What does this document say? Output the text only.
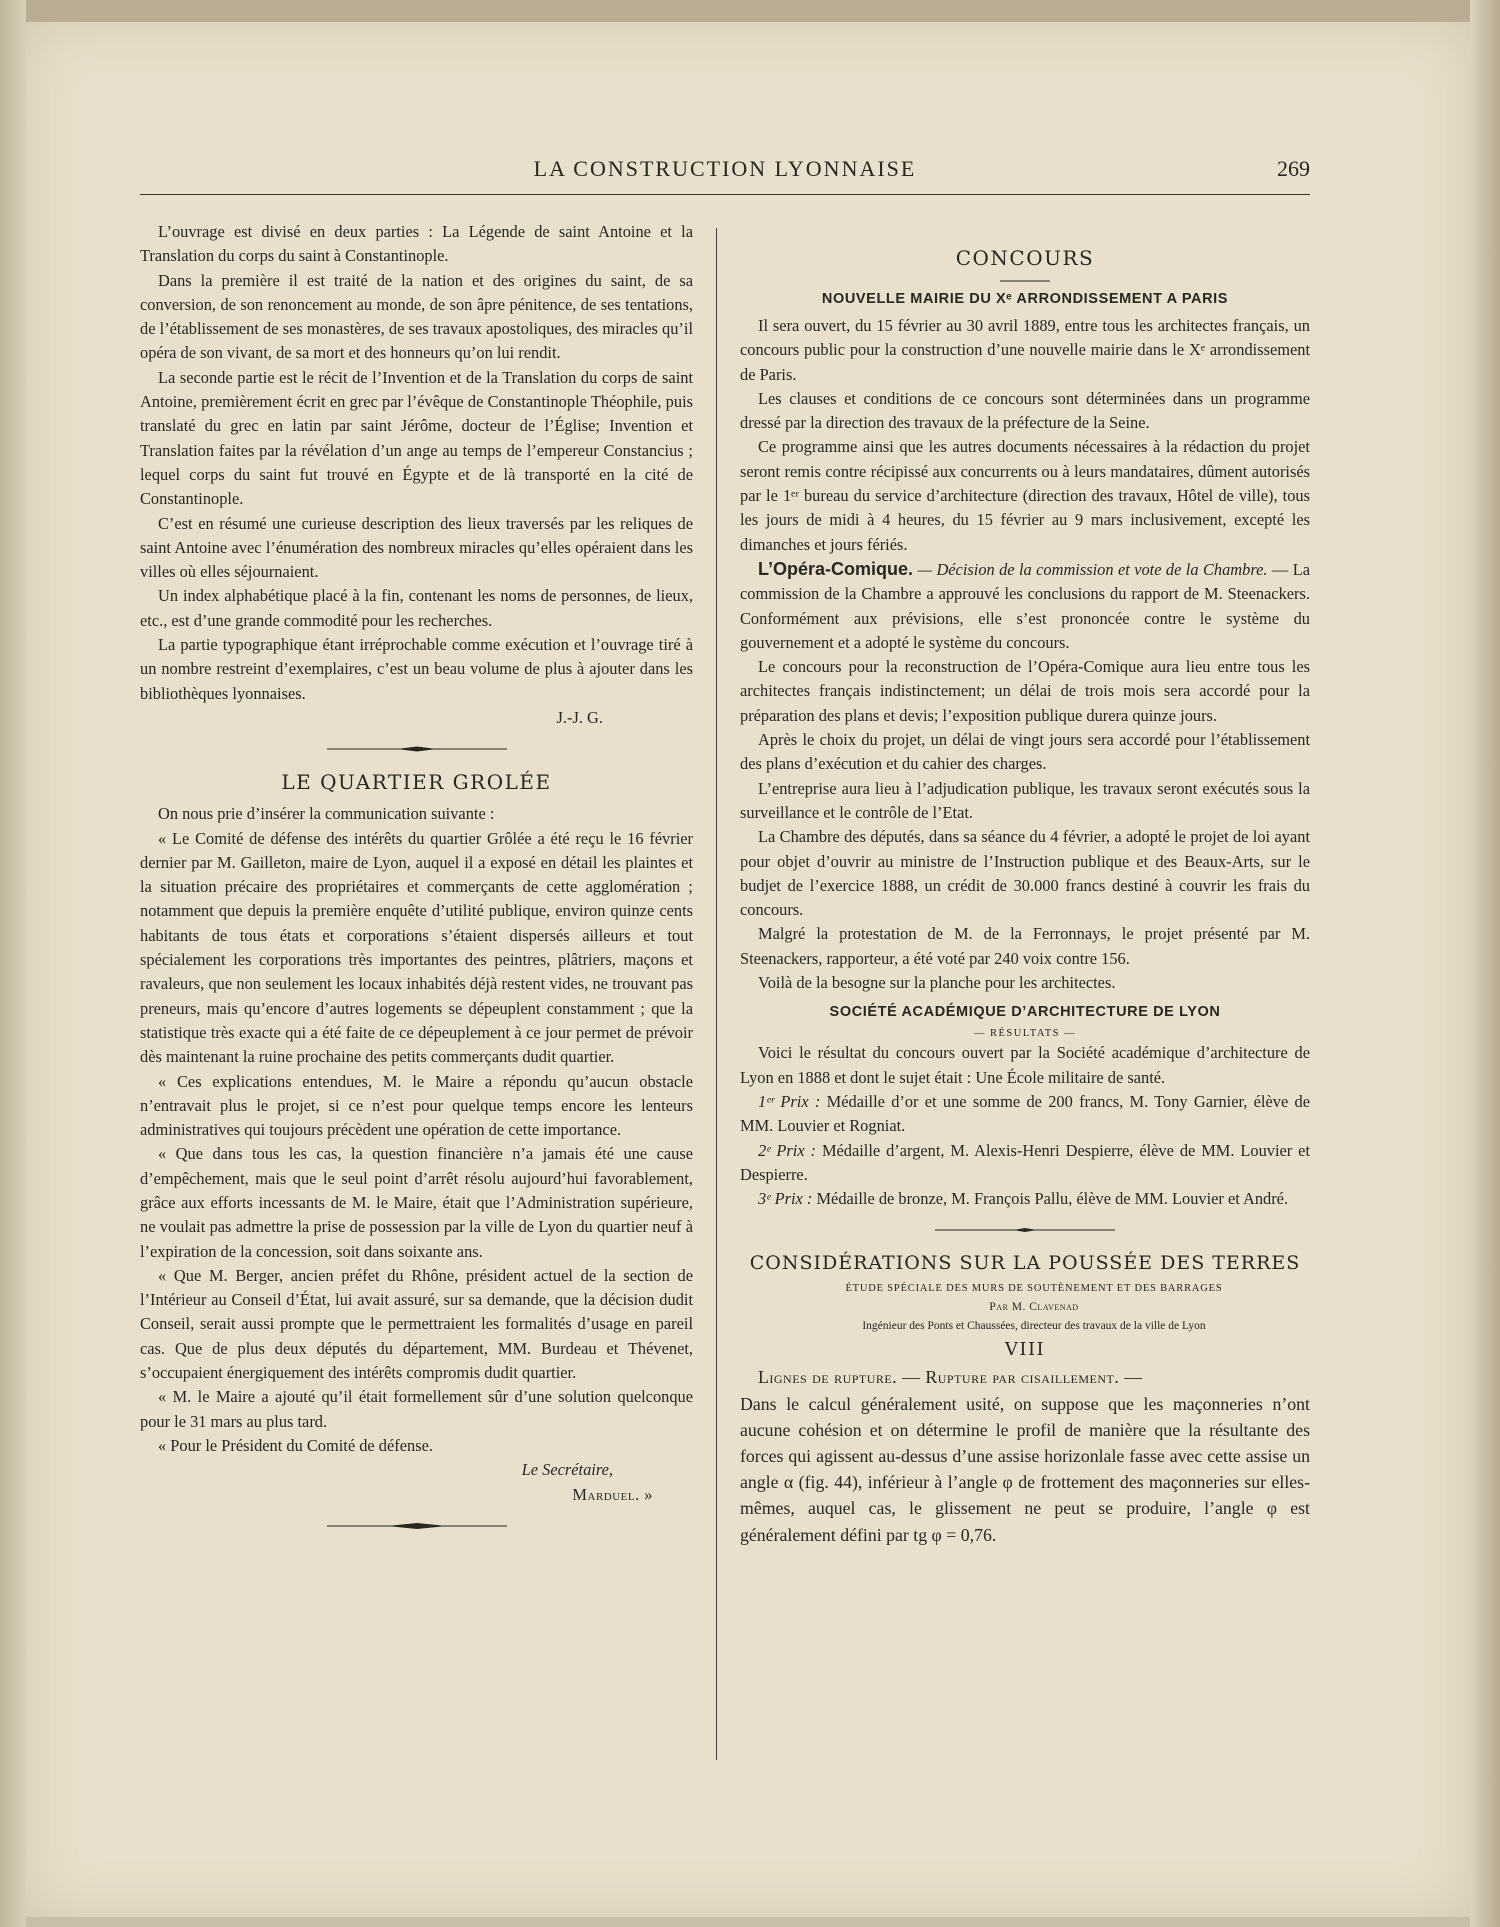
LA CONSTRUCTION LYONNAISE	269

L’ouvrage est divisé en deux parties : La Légende de saint Antoine et la Translation du corps du saint à Constantinople.

Dans la première il est traité de la nation et des origines du saint, de sa conversion, de son renoncement au monde, de son âpre pénitence, de ses tentations, de l’établissement de ses monastères, de ses travaux apostoliques, des miracles qu’il opéra de son vivant, de sa mort et des honneurs qu’on lui rendit.

La seconde partie est le récit de l’Invention et de la Translation du corps de saint Antoine, premièrement écrit en grec par l’évêque de Constantinople Théophile, puis translaté du grec en latin par saint Jérôme, docteur de l’Église; Invention et Translation faites par la révélation d’un ange au temps de l’empereur Constancius ; lequel corps du saint fut trouvé en Égypte et de là transporté en la cité de Constantinople.

C’est en résumé une curieuse description des lieux traversés par les reliques de saint Antoine avec l’énumération des nombreux miracles qu’elles opéraient dans les villes où elles séjournaient.

Un index alphabétique placé à la fin, contenant les noms de personnes, de lieux, etc., est d’une grande commodité pour les recherches.

La partie typographique étant irréprochable comme exécution et l’ouvrage tiré à un nombre restreint d’exemplaires, c’est un beau volume de plus à ajouter dans les bibliothèques lyonnaises.

J.-J. G.

LE QUARTIER GROLÉE

On nous prie d’insérer la communication suivante :

« Le Comité de défense des intérêts du quartier Grôlée a été reçu le 16 février dernier par M. Gailleton, maire de Lyon, auquel il a exposé en détail les plaintes et la situation précaire des propriétaires et commerçants de cette agglomération ; notamment que depuis la première enquête d’utilité publique, environ quinze cents habitants de tous états et corporations s’étaient dispersés ailleurs et tout spécialement les corporations très importantes des peintres, plâtriers, maçons et ravaleurs, que non seulement les locaux inhabités déjà restent vides, ne trouvant pas preneurs, mais qu’encore d’autres logements se dépeuplent constamment ; que la statistique très exacte qui a été faite de ce dépeuplement à ce jour permet de prévoir dès maintenant la ruine prochaine des petits commerçants dudit quartier.

« Ces explications entendues, M. le Maire a répondu qu’aucun obstacle n’entravait plus le projet, si ce n’est pour quelque temps encore les lenteurs administratives qui toujours précèdent une opération de cette importance.

« Que dans tous les cas, la question financière n’a jamais été une cause d’empêchement, mais que le seul point d’arrêt résolu aujourd’hui favorablement, grâce aux efforts incessants de M. le Maire, était que l’Administration supérieure, ne voulait pas admettre la prise de possession par la ville de Lyon du quartier neuf à l’expiration de la concession, soit dans soixante ans.

« Que M. Berger, ancien préfet du Rhône, président actuel de la section de l’Intérieur au Conseil d’État, lui avait assuré, sur sa demande, que la décision dudit Conseil, serait aussi prompte que le permettraient les formalités d’usage en pareil cas. Que de plus deux députés du département, MM. Burdeau et Thévenet, s’occupaient énergiquement des intérêts compromis dudit quartier.

« M. le Maire a ajouté qu’il était formellement sûr d’une solution quelconque pour le 31 mars au plus tard.

« Pour le Président du Comité de défense.

Le Secrétaire,

Marduel. »

CONCOURS
NOUVELLE MAIRIE DU Xᵉ ARRONDISSEMENT A PARIS

Il sera ouvert, du 15 février au 30 avril 1889, entre tous les architectes français, un concours public pour la construction d’une nouvelle mairie dans le Xᵉ arrondissement de Paris.

Les clauses et conditions de ce concours sont déterminées dans un programme dressé par la direction des travaux de la préfecture de la Seine.

Ce programme ainsi que les autres documents nécessaires à la rédaction du projet seront remis contre récipissé aux concurrents ou à leurs mandataires, dûment autorisés par le 1ᵉʳ bureau du service d’architecture (direction des travaux, Hôtel de ville), tous les jours de midi à 4 heures, du 15 février au 9 mars inclusivement, excepté les dimanches et jours fériés.

L’Opéra-Comique. — Décision de la commission et vote de la Chambre. — La commission de la Chambre a approuvé les conclusions du rapport de M. Steenackers. Conformément aux prévisions, elle s’est prononcée contre le système du gouvernement et a adopté le système du concours.

Le concours pour la reconstruction de l’Opéra-Comique aura lieu entre tous les architectes français indistinctement; un délai de trois mois sera accordé pour la préparation des plans et devis; l’exposition publique durera quinze jours.

Après le choix du projet, un délai de vingt jours sera accordé pour l’établissement des plans d’exécution et du cahier des charges.

L’entreprise aura lieu à l’adjudication publique, les travaux seront exécutés sous la surveillance et le contrôle de l’Etat.

La Chambre des députés, dans sa séance du 4 février, a adopté le projet de loi ayant pour objet d’ouvrir au ministre de l’Instruction publique et des Beaux-Arts, sur le budjet de l’exercice 1888, un crédit de 30.000 francs destiné à couvrir les frais du concours.

Malgré la protestation de M. de la Ferronnays, le projet présenté par M. Steenackers, rapporteur, a été voté par 240 voix contre 156.

Voilà de la besogne sur la planche pour les architectes.

SOCIÉTÉ ACADÉMIQUE D’ARCHITECTURE DE LYON
— RÉSULTATS —

Voici le résultat du concours ouvert par la Société académique d’architecture de Lyon en 1888 et dont le sujet était : Une École militaire de santé.

1ᵉʳ Prix : Médaille d’or et une somme de 200 francs, M. Tony Garnier, élève de MM. Louvier et Rogniat.

2ᵉ Prix : Médaille d’argent, M. Alexis-Henri Despierre, élève de MM. Louvier et Despierre.

3ᵉ Prix : Médaille de bronze, M. François Pallu, élève de MM. Louvier et André.

CONSIDÉRATIONS SUR LA POUSSÉE DES TERRES

ÉTUDE SPÉCIALE DES MURS DE SOUTÈNEMENT ET DES BARRAGES

Par M. Clavenad

Ingénieur des Ponts et Chaussées, directeur des travaux de la ville de Lyon

VIII

Lignes de rupture. — Rupture par cisaillement. —

Dans le calcul généralement usité, on suppose que les maçonneries n’ont aucune cohésion et on détermine le profil de manière que la résultante des forces qui agissent au-dessus d’une assise horizonlale fasse avec cette assise un angle α (fig. 44), inférieur à l’angle φ de frottement des maçonneries sur elles-mêmes, auquel cas, le glissement ne peut se produire, l’angle φ est généralement défini par tg φ = 0,76.
